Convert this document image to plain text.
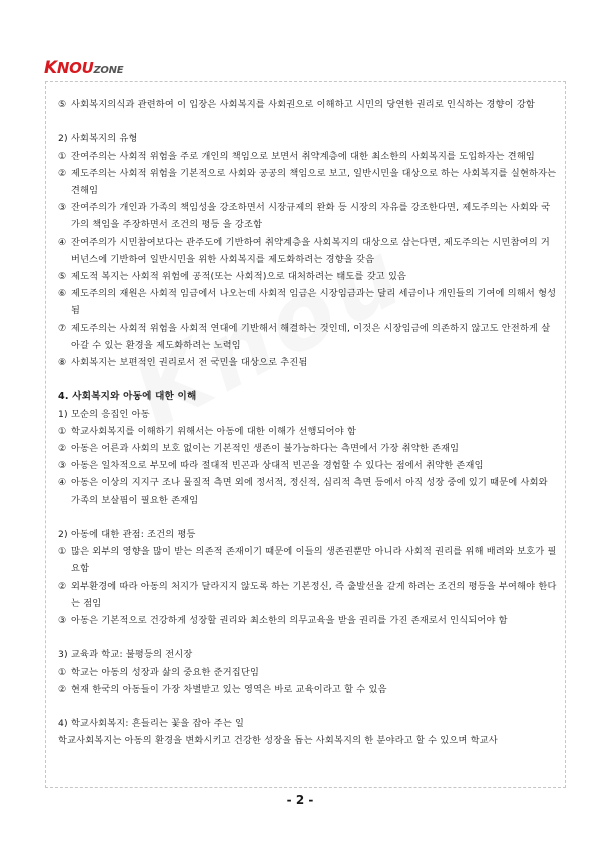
KNOUZONE
⑤ 사회복지의식과 관련하여 이 입장은 사회복지를 사회권으로 이해하고 시민의 당연한 권리로 인식하는 경향이 강함
2) 사회복지의 유형
① 잔여주의는 사회적 위험을 주로 개인의 책임으로 보면서 취약계층에 대한 최소한의 사회복지를 도입하자는 견해임
② 제도주의는 사회적 위험을 기본적으로 사회와 공공의 책임으로 보고, 일반시민을 대상으로 하는 사회복지를 실현하자는 견해임
③ 잔여주의가 개인과 가족의 책임성을 강조하면서 시장규제의 완화 등 시장의 자유를 강조한다면, 제도주의는 사회와 국가의 책임을 주장하면서 조건의 평등 을 강조함
④ 잔여주의가 시민참여보다는 관주도에 기반하여 취약계층을 사회복지의 대상으로 삼는다면, 제도주의는 시민참여의 거버넌스에 기반하여 일반시민을 위한 사회복지를 제도화하려는 경향을 갖음
⑤ 제도적 복지는 사회적 위험에 공적(또는 사회적)으로 대처하려는 태도를 갖고 있음
⑥ 제도주의의 재원은 사회적 임금에서 나오는데 사회적 임금은 시장임금과는 달리 세금이나 개인들의 기여에 의해서 형성됨
⑦ 제도주의는 사회적 위험을 사회적 연대에 기반해서 해결하는 것인데, 이것은 시장임금에 의존하지 않고도 안전하게 살아갈 수 있는 환경을 제도화하려는 노력임
⑧ 사회복지는 보편적인 권리로서 전 국민을 대상으로 추진됨
4. 사회복지와 아동에 대한 이해
1) 모순의 응집인 아동
① 학교사회복지를 이해하기 위해서는 아동에 대한 이해가 선행되어야 함
② 아동은 어른과 사회의 보호 없이는 기본적인 생존이 불가능하다는 측면에서 가장 취약한 존재임
③ 아동은 일차적으로 부모에 따라 절대적 빈곤과 상대적 빈곤을 경험할 수 있다는 점에서 취약한 존재임
④ 아동은 이상의 지지구 조나 물질적 측면 외에 정서적, 정신적, 심리적 측면 등에서 아직 성장 중에 있기 때문에 사회와 가족의 보살핌이 필요한 존재임
2) 아동에 대한 관점: 조건의 평등
① 많은 외부의 영향을 많이 받는 의존적 존재이기 때문에 이들의 생존권뿐만 아니라 사회적 권리를 위해 배려와 보호가 필요함
② 외부환경에 따라 아동의 처지가 달라지지 않도록 하는 기본정신, 즉 출발선을 같게 하려는 조건의 평등을 부여해야 한다는 점임
③ 아동은 기본적으로 건강하게 성장할 권리와 최소한의 의무교육을 받을 권리를 가진 존재로서 인식되어야 함
3) 교육과 학교: 불평등의 전시장
① 학교는 아동의 성장과 삶의 중요한 준거집단임
② 현재 한국의 아동들이 가장 차별받고 있는 영역은 바로 교육이라고 할 수 있음
4) 학교사회복지: 흔들리는 꽃을 잡아 주는 일
학교사회복지는 아동의 환경을 변화시키고 건강한 성장을 돕는 사회복지의 한 분야라고 할 수 있으며 학교사
- 2 -
